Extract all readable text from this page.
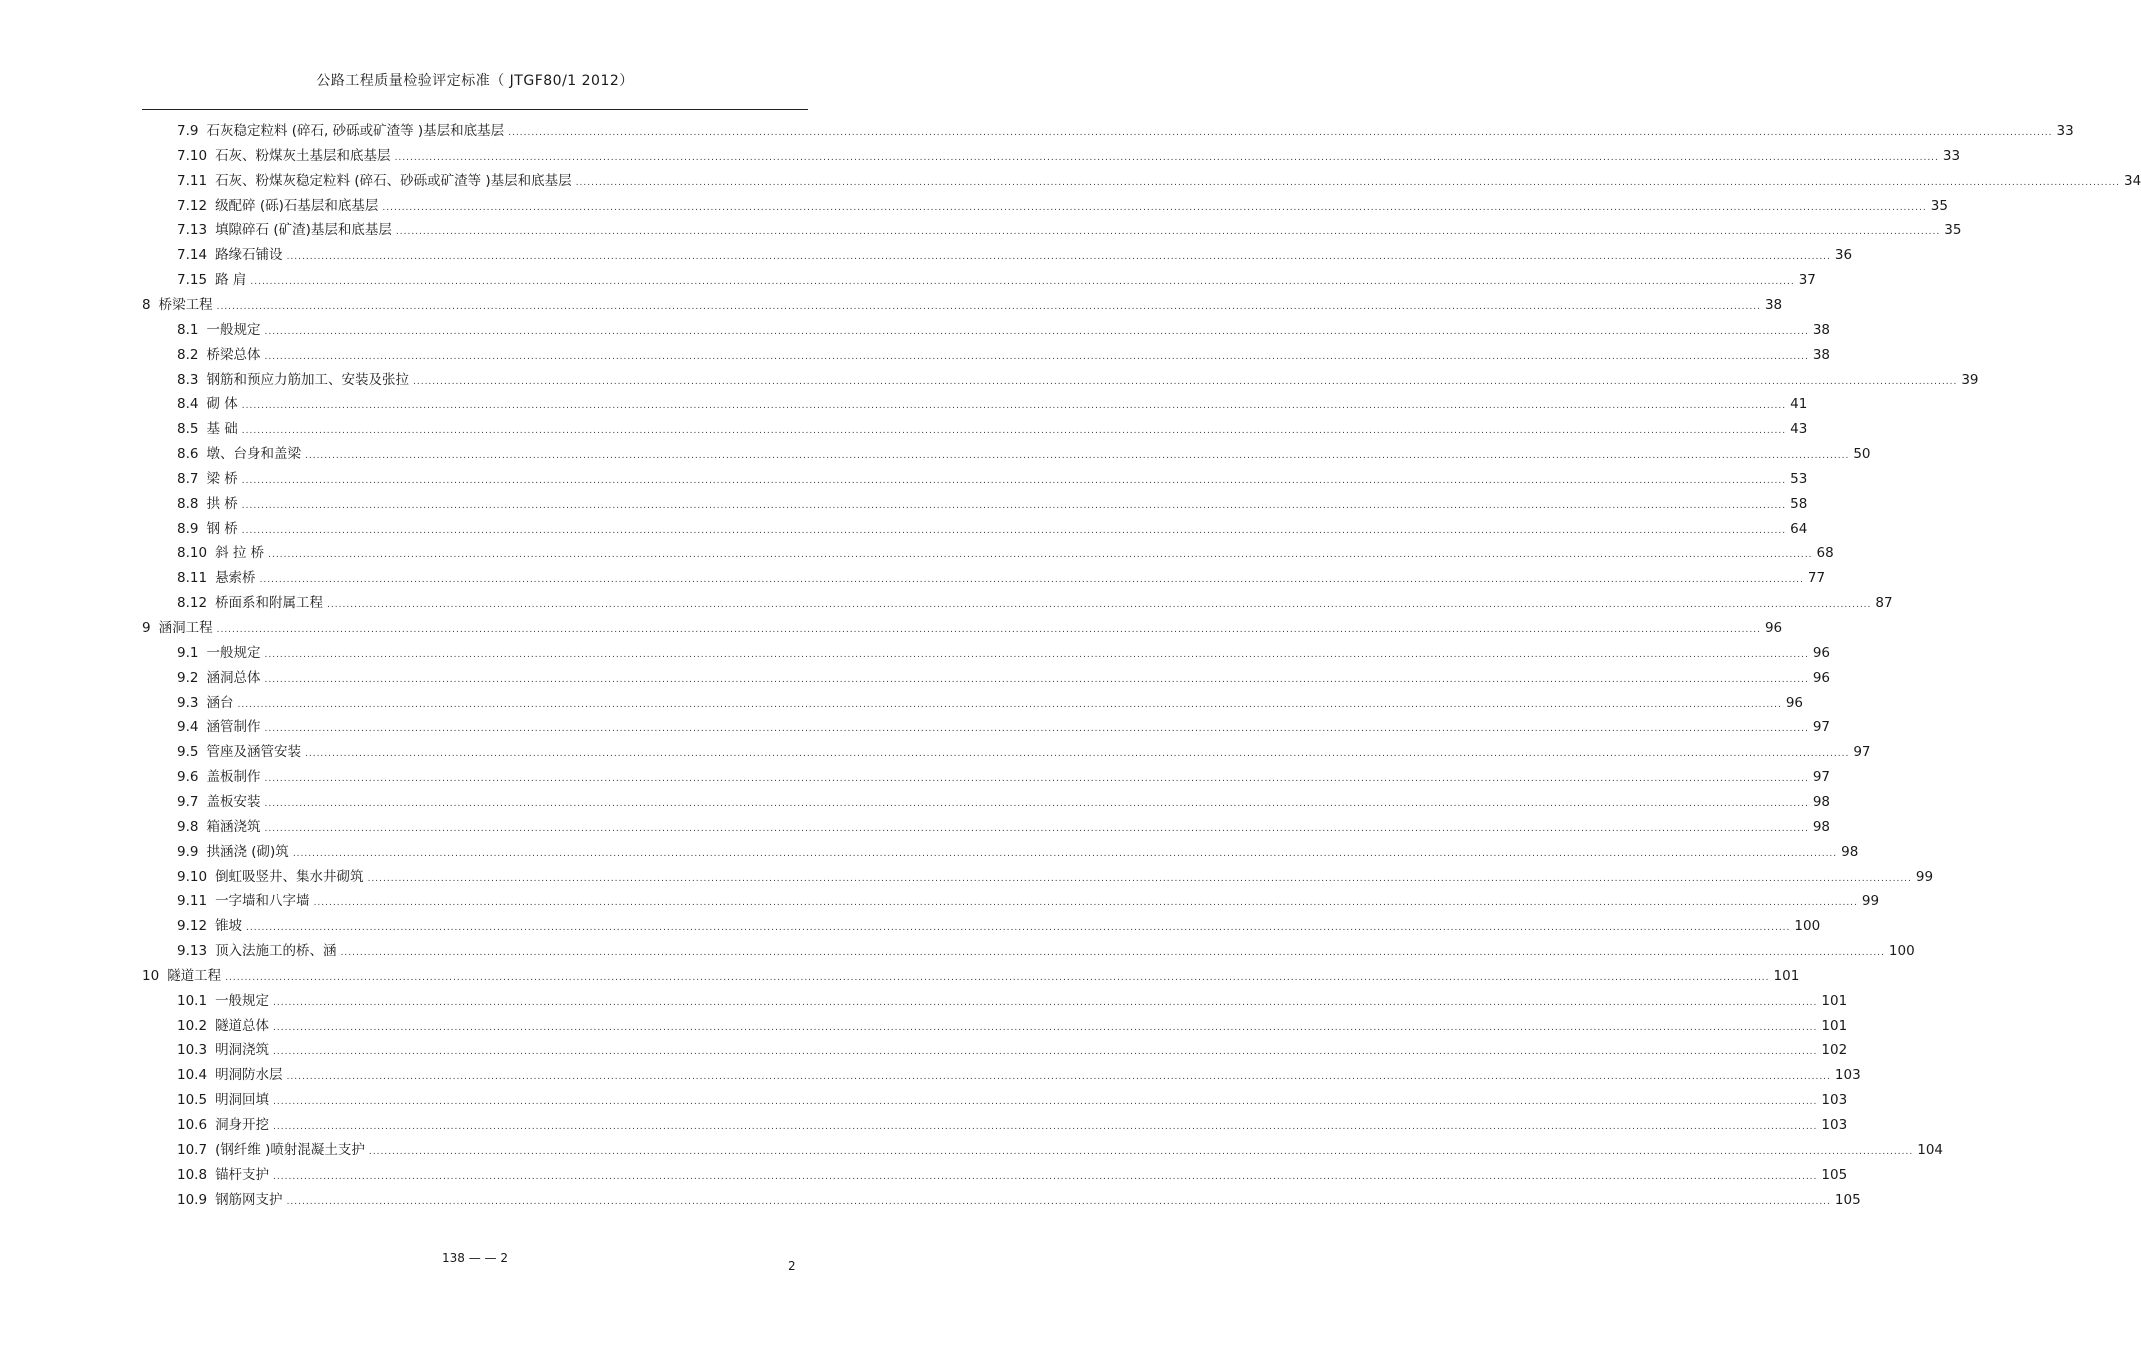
公路工程质量检验评定标准（ JTGF80/1 2012）
7.9 石灰稳定粒料 (碎石, 砂砾或矿渣等 )基层和底基层 ................................................................................................................................................................................................................................................................................................................................................................................................................ 33
7.10 石灰、粉煤灰土基层和底基层 ................................................................................................................................................................................................................................................................................................................................................................................................................ 33
7.11 石灰、粉煤灰稳定粒料 (碎石、砂砾或矿渣等 )基层和底基层 ................................................................................................................................................................................................................................................................................................................................................................................................................ 34
7.12 级配碎 (砾)石基层和底基层 ................................................................................................................................................................................................................................................................................................................................................................................................................ 35
7.13 填隙碎石 (矿渣)基层和底基层 ................................................................................................................................................................................................................................................................................................................................................................................................................ 35
7.14 路缘石铺设 ................................................................................................................................................................................................................................................................................................................................................................................................................ 36
7.15 路 肩 ................................................................................................................................................................................................................................................................................................................................................................................................................ 37
8 桥梁工程 ................................................................................................................................................................................................................................................................................................................................................................................................................ 38
8.1 一般规定 ................................................................................................................................................................................................................................................................................................................................................................................................................ 38
8.2 桥梁总体 ................................................................................................................................................................................................................................................................................................................................................................................................................ 38
8.3 钢筋和预应力筋加工、安装及张拉 ................................................................................................................................................................................................................................................................................................................................................................................................................ 39
8.4 砌 体 ................................................................................................................................................................................................................................................................................................................................................................................................................ 41
8.5 基 础 ................................................................................................................................................................................................................................................................................................................................................................................................................ 43
8.6 墩、台身和盖梁 ................................................................................................................................................................................................................................................................................................................................................................................................................ 50
8.7 梁 桥 ................................................................................................................................................................................................................................................................................................................................................................................................................ 53
8.8 拱 桥 ................................................................................................................................................................................................................................................................................................................................................................................................................ 58
8.9 钢 桥 ................................................................................................................................................................................................................................................................................................................................................................................................................ 64
8.10 斜 拉 桥 ................................................................................................................................................................................................................................................................................................................................................................................................................ 68
8.11 悬索桥 ................................................................................................................................................................................................................................................................................................................................................................................................................ 77
8.12 桥面系和附属工程 ................................................................................................................................................................................................................................................................................................................................................................................................................ 87
9 涵洞工程 ................................................................................................................................................................................................................................................................................................................................................................................................................ 96
9.1 一般规定 ................................................................................................................................................................................................................................................................................................................................................................................................................ 96
9.2 涵洞总体 ................................................................................................................................................................................................................................................................................................................................................................................................................ 96
9.3 涵台 ................................................................................................................................................................................................................................................................................................................................................................................................................ 96
9.4 涵管制作 ................................................................................................................................................................................................................................................................................................................................................................................................................ 97
9.5 管座及涵管安装 ................................................................................................................................................................................................................................................................................................................................................................................................................ 97
9.6 盖板制作 ................................................................................................................................................................................................................................................................................................................................................................................................................ 97
9.7 盖板安装 ................................................................................................................................................................................................................................................................................................................................................................................................................ 98
9.8 箱涵浇筑 ................................................................................................................................................................................................................................................................................................................................................................................................................ 98
9.9 拱涵浇 (砌)筑 ................................................................................................................................................................................................................................................................................................................................................................................................................ 98
9.10 倒虹吸竖井、集水井砌筑 ................................................................................................................................................................................................................................................................................................................................................................................................................ 99
9.11 一字墙和八字墙 ................................................................................................................................................................................................................................................................................................................................................................................................................ 99
9.12 锥坡 ................................................................................................................................................................................................................................................................................................................................................................................................................ 100
9.13 顶入法施工的桥、涵 ................................................................................................................................................................................................................................................................................................................................................................................................................ 100
10 隧道工程 ................................................................................................................................................................................................................................................................................................................................................................................................................ 101
10.1 一般规定 ................................................................................................................................................................................................................................................................................................................................................................................................................ 101
10.2 隧道总体 ................................................................................................................................................................................................................................................................................................................................................................................................................ 101
10.3 明洞浇筑 ................................................................................................................................................................................................................................................................................................................................................................................................................ 102
10.4 明洞防水层 ................................................................................................................................................................................................................................................................................................................................................................................................................ 103
10.5 明洞回填 ................................................................................................................................................................................................................................................................................................................................................................................................................ 103
10.6 洞身开挖 ................................................................................................................................................................................................................................................................................................................................................................................................................ 103
10.7 (钢纤维 )喷射混凝土支护 ................................................................................................................................................................................................................................................................................................................................................................................................................ 104
10.8 锚杆支护 ................................................................................................................................................................................................................................................................................................................................................................................................................ 105
10.9 钢筋网支护 ................................................................................................................................................................................................................................................................................................................................................................................................................ 105
138 — — 2
2
